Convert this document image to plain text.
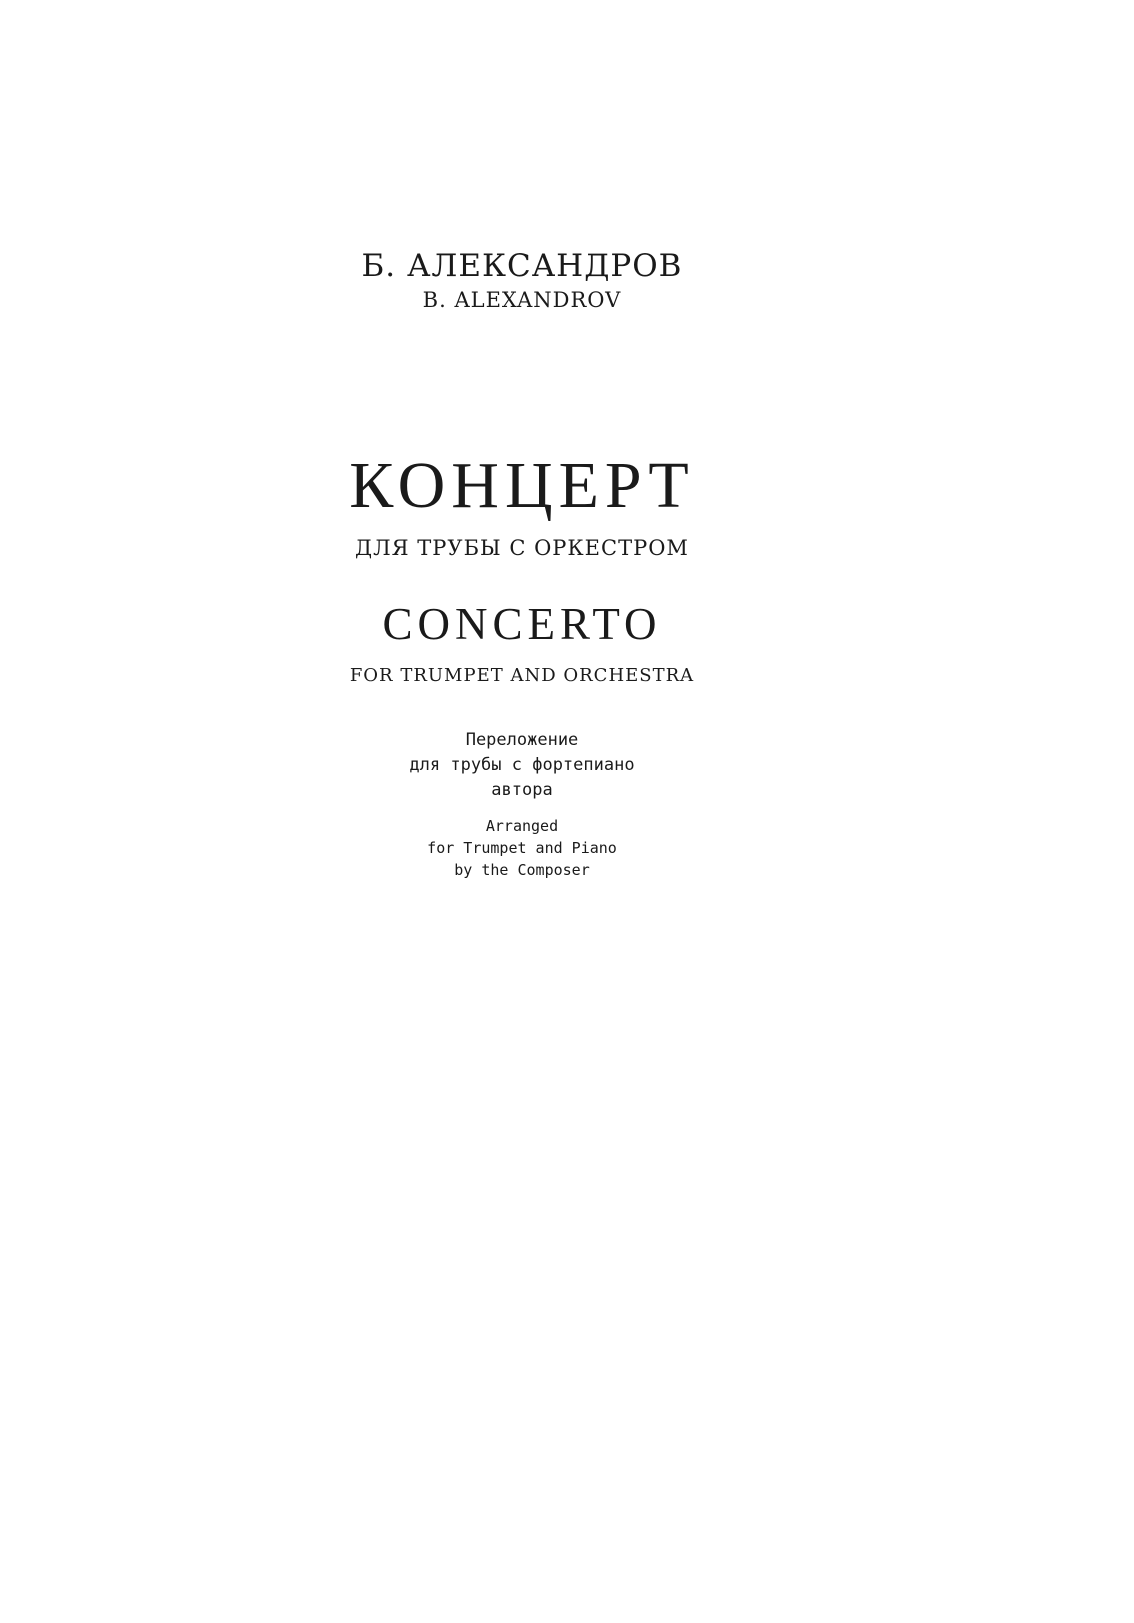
Б. АЛЕКСАНДРОВ
B. ALEXANDROV
КОНЦЕРТ
ДЛЯ ТРУБЫ С ОРКЕСТРОМ
CONCERTO
FOR TRUMPET AND ORCHESTRA
Переложение
для трубы с фортепиано
автора
Arranged
for Trumpet and Piano
by the Composer
